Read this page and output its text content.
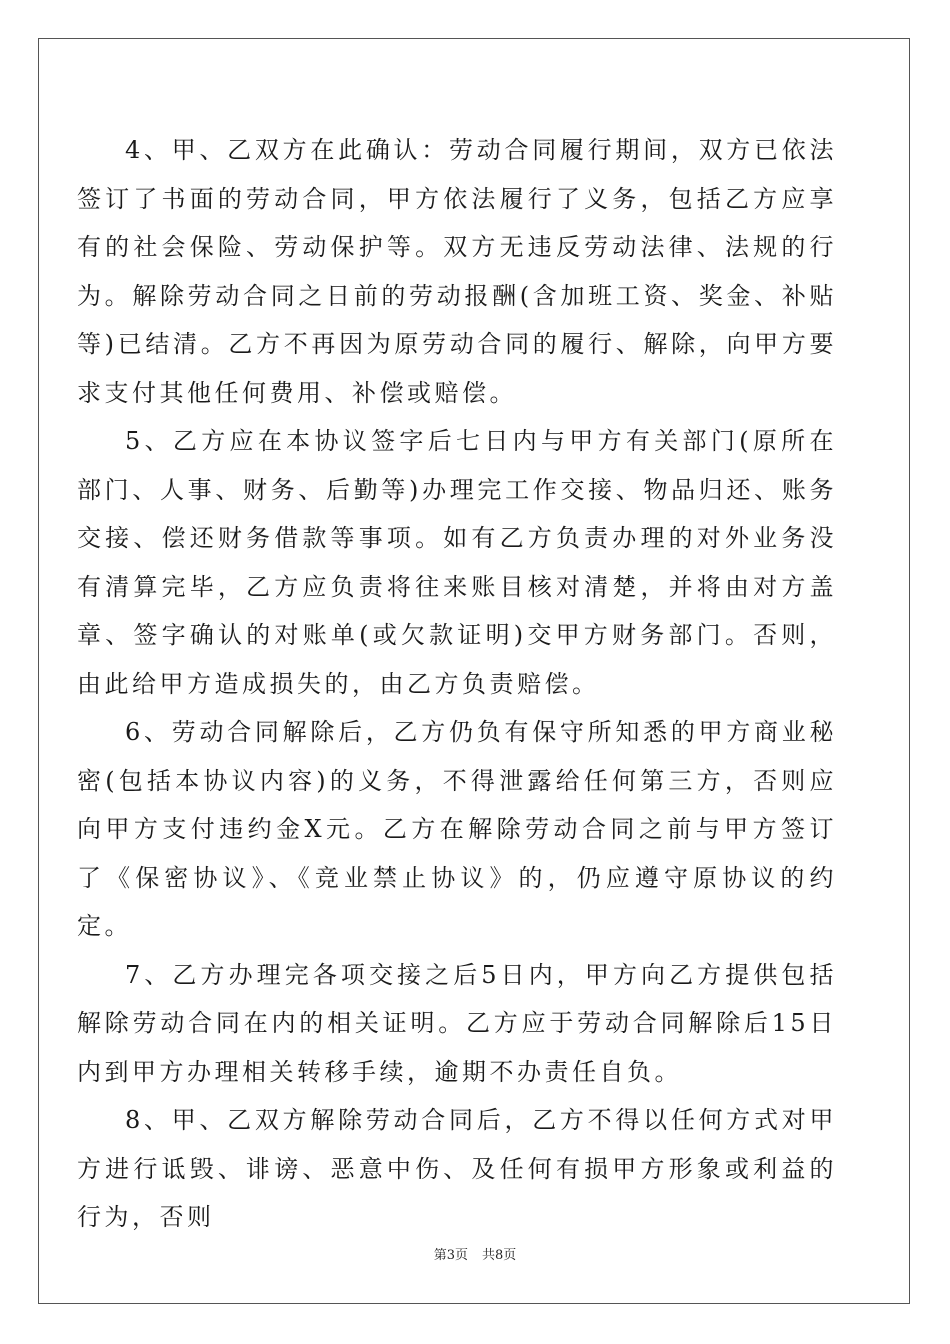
4、甲、乙双方在此确认：劳动合同履行期间，双方已依法签订了书面的劳动合同，甲方依法履行了义务，包括乙方应享有的社会保险、劳动保护等。双方无违反劳动法律、法规的行为。解除劳动合同之日前的劳动报酬(含加班工资、奖金、补贴等)已结清。乙方不再因为原劳动合同的履行、解除，向甲方要求支付其他任何费用、补偿或赔偿。

5、乙方应在本协议签字后七日内与甲方有关部门(原所在部门、人事、财务、后勤等)办理完工作交接、物品归还、账务交接、偿还财务借款等事项。如有乙方负责办理的对外业务没有清算完毕，乙方应负责将往来账目核对清楚，并将由对方盖章、签字确认的对账单(或欠款证明)交甲方财务部门。否则，由此给甲方造成损失的，由乙方负责赔偿。

6、劳动合同解除后，乙方仍负有保守所知悉的甲方商业秘密(包括本协议内容)的义务，不得泄露给任何第三方，否则应向甲方支付违约金X元。乙方在解除劳动合同之前与甲方签订了《保密协议》、《竞业禁止协议》的，仍应遵守原协议的约定。

7、乙方办理完各项交接之后5日内，甲方向乙方提供包括解除劳动合同在内的相关证明。乙方应于劳动合同解除后15日内到甲方办理相关转移手续，逾期不办责任自负。

8、甲、乙双方解除劳动合同后，乙方不得以任何方式对甲方进行诋毁、诽谤、恶意中伤、及任何有损甲方形象或利益的行为，否则

第3页 共8页
